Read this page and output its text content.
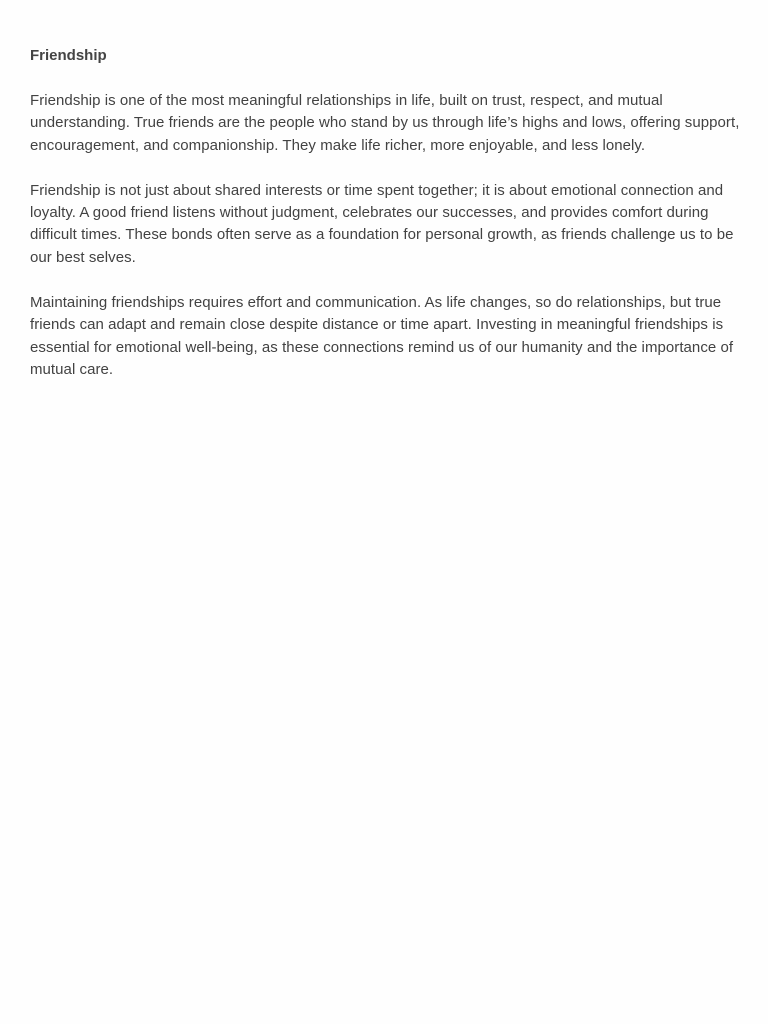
Friendship

Friendship is one of the most meaningful relationships in life, built on trust, respect, and mutual understanding. True friends are the people who stand by us through life’s highs and lows, offering support, encouragement, and companionship. They make life richer, more enjoyable, and less lonely.

Friendship is not just about shared interests or time spent together; it is about emotional connection and loyalty. A good friend listens without judgment, celebrates our successes, and provides comfort during difficult times. These bonds often serve as a foundation for personal growth, as friends challenge us to be our best selves.

Maintaining friendships requires effort and communication. As life changes, so do relationships, but true friends can adapt and remain close despite distance or time apart. Investing in meaningful friendships is essential for emotional well-being, as these connections remind us of our humanity and the importance of mutual care.
